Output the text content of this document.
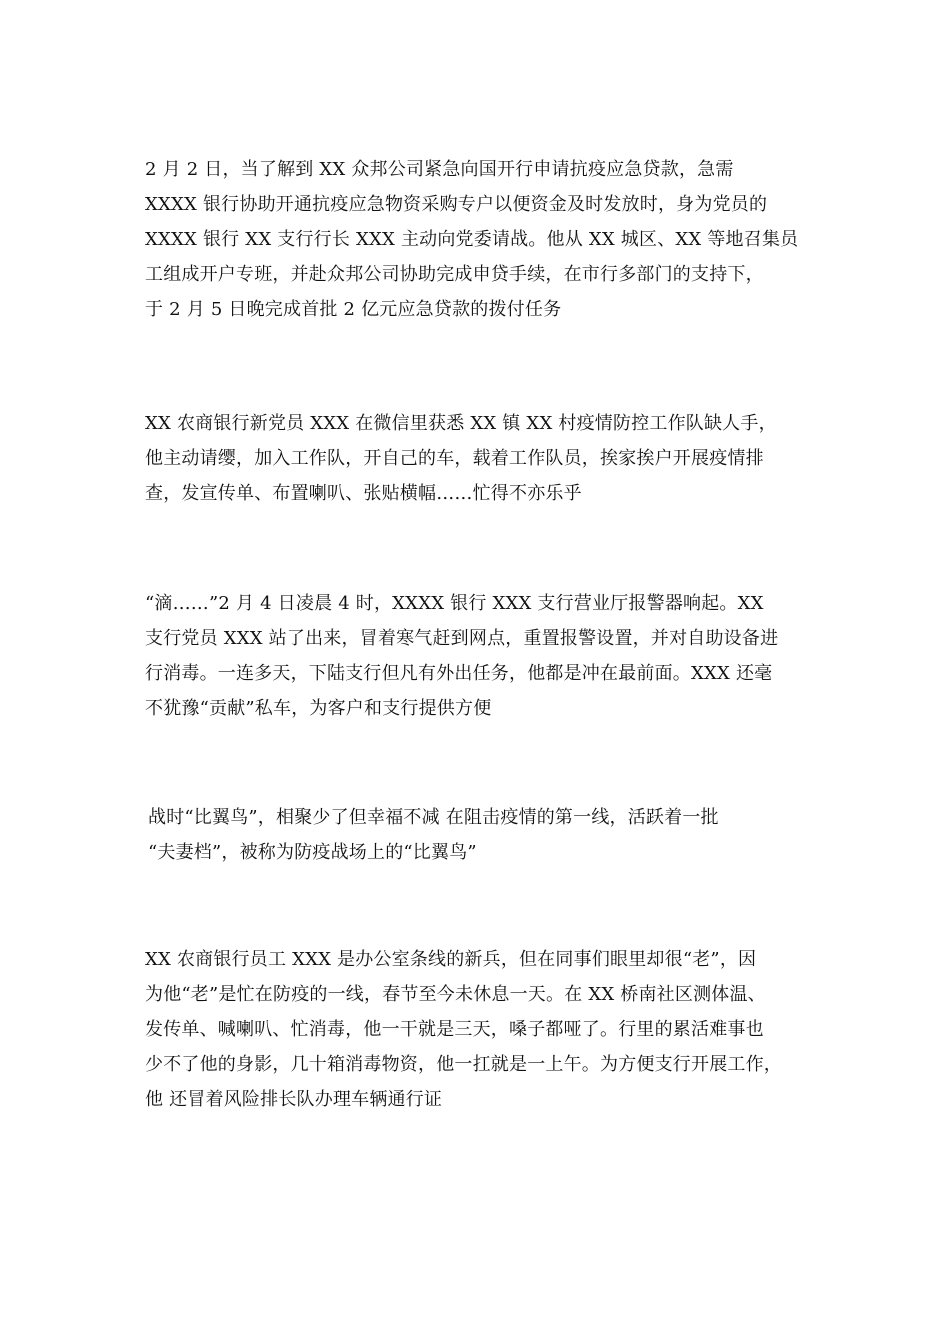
2 月 2 日，当了解到 XX 众邦公司紧急向国开行申请抗疫应急贷款，急需
XXXX 银行协助开通抗疫应急物资采购专户以便资金及时发放时，身为党员的
XXXX 银行 XX 支行行长 XXX 主动向党委请战。他从 XX 城区、XX 等地召集员
工组成开户专班，并赴众邦公司协助完成申贷手续，在市行多部门的支持下，
于 2 月 5 日晚完成首批 2 亿元应急贷款的拨付任务
XX 农商银行新党员 XXX 在微信里获悉 XX 镇 XX 村疫情防控工作队缺人手，
他主动请缨，加入工作队，开自己的车，载着工作队员，挨家挨户开展疫情排
查，发宣传单、布置喇叭、张贴横幅……忙得不亦乐乎
“滴……”2 月 4 日凌晨 4 时，XXXX 银行 XXX 支行营业厅报警器响起。XX
支行党员 XXX 站了出来，冒着寒气赶到网点，重置报警设置，并对自助设备进
行消毒。一连多天，下陆支行但凡有外出任务，他都是冲在最前面。XXX 还毫
不犹豫“贡献”私车，为客户和支行提供方便
战时“比翼鸟”，相聚少了但幸福不减 在阻击疫情的第一线，活跃着一批
“夫妻档”，被称为防疫战场上的“比翼鸟”
XX 农商银行员工 XXX 是办公室条线的新兵，但在同事们眼里却很“老”，因
为他“老”是忙在防疫的一线，春节至今未休息一天。在 XX 桥南社区测体温、
发传单、喊喇叭、忙消毒，他一干就是三天，嗓子都哑了。行里的累活难事也
少不了他的身影，几十箱消毒物资，他一扛就是一上午。为方便支行开展工作，
他 还冒着风险排长队办理车辆通行证
